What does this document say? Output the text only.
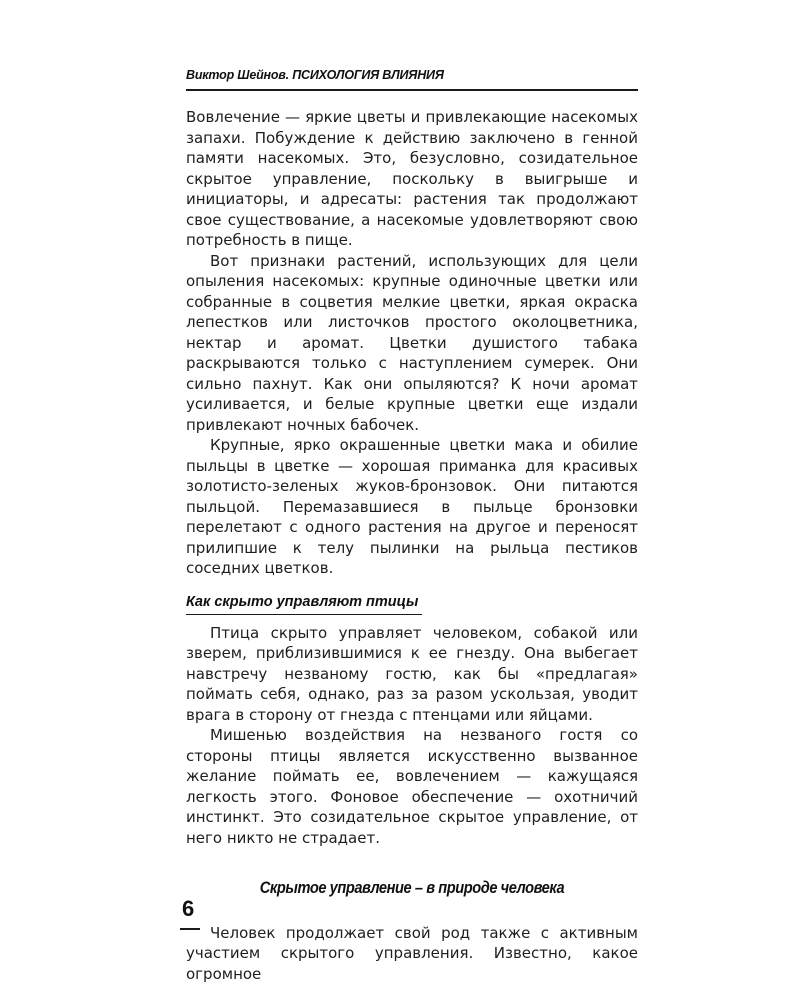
Виктор Шейнов. ПСИХОЛОГИЯ ВЛИЯНИЯ

Вовлечение — яркие цветы и привлекающие насекомых запахи. Побуждение к действию заключено в генной памяти насекомых. Это, безусловно, созидательное скрытое управление, поскольку в выигрыше и инициаторы, и адресаты: растения так продолжают свое существование, а насекомые удовлетворяют свою потребность в пище.

Вот признаки растений, использующих для цели опыления насекомых: крупные одиночные цветки или собранные в соцветия мелкие цветки, яркая окраска лепестков или листочков простого околоцветника, нектар и аромат. Цветки душистого табака раскрываются только с наступлением сумерек. Они сильно пахнут. Как они опыляются? К ночи аромат усиливается, и белые крупные цветки еще издали привлекают ночных бабочек.

Крупные, ярко окрашенные цветки мака и обилие пыльцы в цветке — хорошая приманка для красивых золотисто-зеленых жуков-бронзовок. Они питаются пыльцой. Перемазавшиеся в пыльце бронзовки перелетают с одного растения на другое и переносят прилипшие к телу пылинки на рыльца пестиков соседних цветков.

Как скрыто управляют птицы

Птица скрыто управляет человеком, собакой или зверем, приблизившимися к ее гнезду. Она выбегает навстречу незваному гостю, как бы «предлагая» поймать себя, однако, раз за разом ускользая, уводит врага в сторону от гнезда с птенцами или яйцами.

Мишенью воздействия на незваного гостя со стороны птицы является искусственно вызванное желание поймать ее, вовлечением — кажущаяся легкость этого. Фоновое обеспечение — охотничий инстинкт. Это созидательное скрытое управление, от него никто не страдает.

Скрытое управление – в природе человека

Человек продолжает свой род также с активным участием скрытого управления. Известно, какое огромное

6
